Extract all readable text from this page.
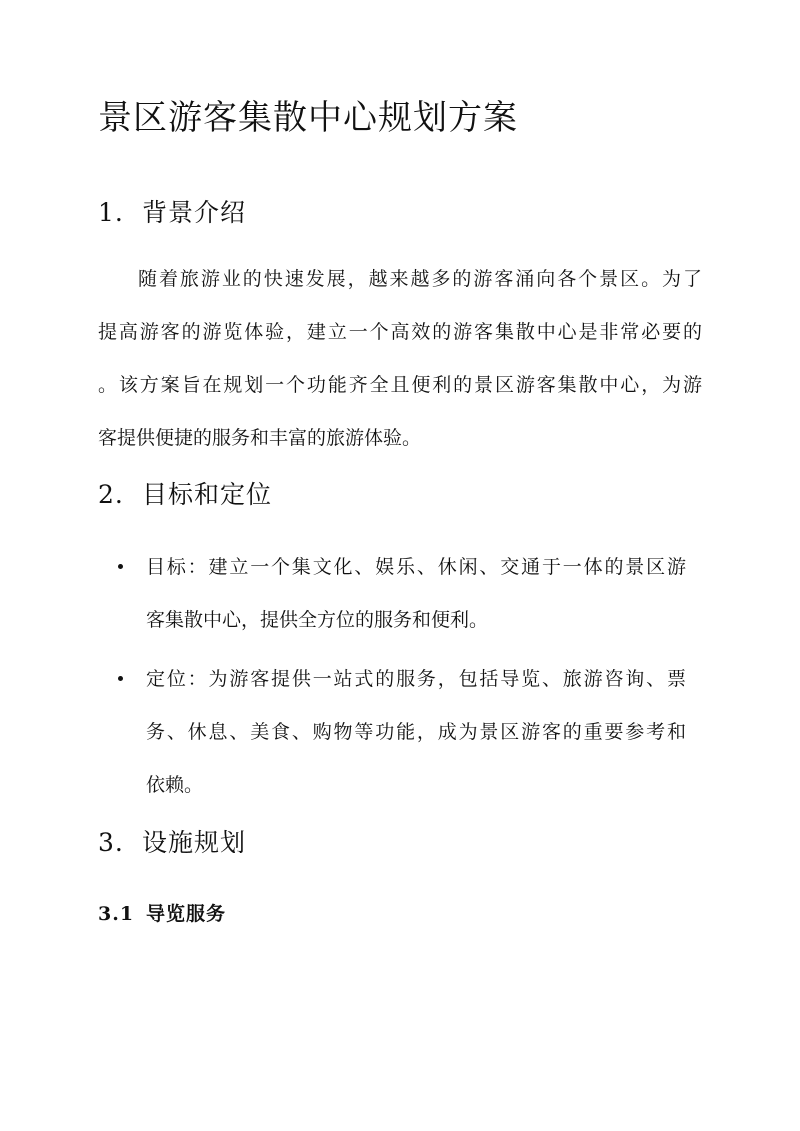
景区游客集散中心规划方案
1. 背景介绍
随着旅游业的快速发展，越来越多的游客涌向各个景区。为了
提高游客的游览体验，建立一个高效的游客集散中心是非常必要的
。该方案旨在规划一个功能齐全且便利的景区游客集散中心，为游
客提供便捷的服务和丰富的旅游体验。
2. 目标和定位
目标：建立一个集文化、娱乐、休闲、交通于一体的景区游
客集散中心，提供全方位的服务和便利。
定位：为游客提供一站式的服务，包括导览、旅游咨询、票
务、休息、美食、购物等功能，成为景区游客的重要参考和
依赖。
3. 设施规划
3.1 导览服务
